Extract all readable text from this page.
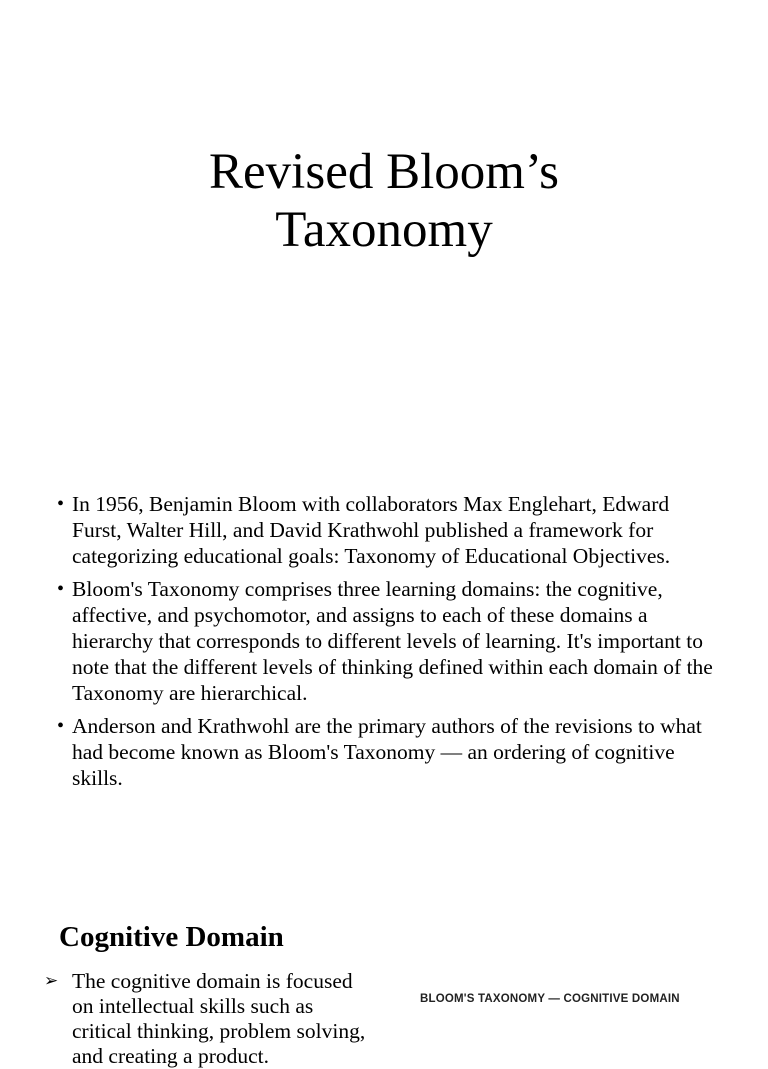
Revised Bloom’s
Taxonomy
• In 1956, Benjamin Bloom with collaborators Max Englehart, Edward Furst, Walter Hill, and David Krathwohl published a framework for categorizing educational goals: Taxonomy of Educational Objectives.
• Bloom's Taxonomy comprises three learning domains: the cognitive, affective, and psychomotor, and assigns to each of these domains a hierarchy that corresponds to different levels of learning. It's important to note that the different levels of thinking defined within each domain of the Taxonomy are hierarchical.
• Anderson and Krathwohl are the primary authors of the revisions to what had become known as Bloom's Taxonomy — an ordering of cognitive skills.
Cognitive Domain
➢ The cognitive domain is focused on intellectual skills such as critical thinking, problem solving, and creating a product.
BLOOM'S TAXONOMY — COGNITIVE DOMAIN
